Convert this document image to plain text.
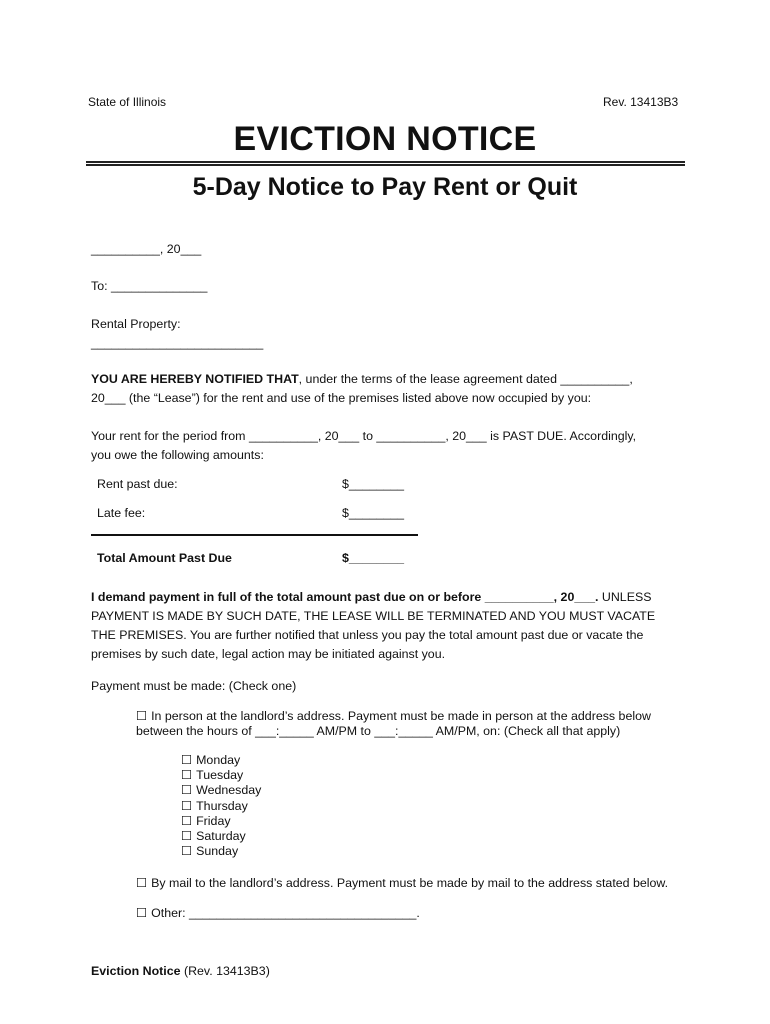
State of Illinois	Rev. 13413B3
EVICTION NOTICE
5-Day Notice to Pay Rent or Quit
__________, 20___
To: ______________
Rental Property:
_________________________
YOU ARE HEREBY NOTIFIED THAT, under the terms of the lease agreement dated __________,
20___ (the “Lease”) for the rent and use of the premises listed above now occupied by you:
Your rent for the period from __________, 20___ to __________, 20___ is PAST DUE. Accordingly,
you owe the following amounts:
Rent past due:	$________
Late fee:	$________
Total Amount Past Due	$________
I demand payment in full of the total amount past due on or before __________, 20___. UNLESS
PAYMENT IS MADE BY SUCH DATE, THE LEASE WILL BE TERMINATED AND YOU MUST VACATE
THE PREMISES. You are further notified that unless you pay the total amount past due or vacate the
premises by such date, legal action may be initiated against you.
Payment must be made: (Check one)
☐ In person at the landlord’s address. Payment must be made in person at the address below
between the hours of ___:_____ AM/PM to ___:_____ AM/PM, on: (Check all that apply)
☐ Monday
☐ Tuesday
☐ Wednesday
☐ Thursday
☐ Friday
☐ Saturday
☐ Sunday
☐ By mail to the landlord’s address. Payment must be made by mail to the address stated below.
☐ Other: _________________________________.
Eviction Notice (Rev. 13413B3)
